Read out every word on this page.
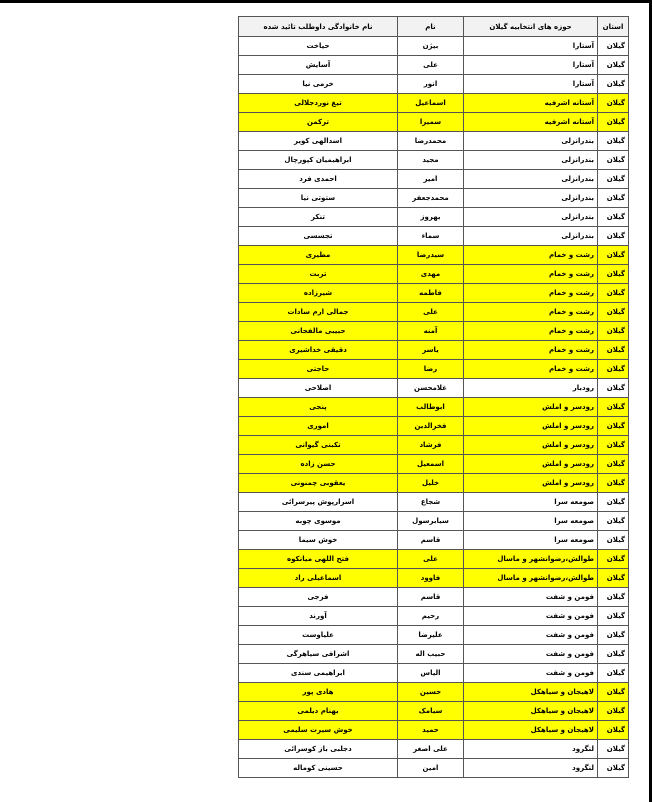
استان	حوزه های انتخابیه گیلان	نام	نام خانوادگی داوطلب تائید شده
گیلان	آستارا	بیژن	حیاخت
گیلان	آستارا	علی	آسایش
گیلان	آستارا	انور	خرمی نیا
گیلان	آستانه اشرفیه	اسماعیل	تیغ نوردجلالی
گیلان	آستانه اشرفیه	سمیرا	ترکمن
گیلان	بندرانزلی	محمدرضا	اسدالهی کویر
گیلان	بندرانزلی	مجید	ابراهیمیان کپورچال
گیلان	بندرانزلی	امیر	احمدی فرد
گیلان	بندرانزلی	محمدجعفر	ستوتی نیا
گیلان	بندرانزلی	بهروز	تنکر
گیلان	بندرانزلی	سماء	تجسسی
گیلان	رشت و خمام	سیدرضا	مطیری
گیلان	رشت و خمام	مهدی	تربت
گیلان	رشت و خمام	فاطمه	شیرزاده
گیلان	رشت و خمام	علی	جمالی ارم سادات
گیلان	رشت و خمام	آمنه	حبیبی مالفجانی
گیلان	رشت و خمام	یاسر	دقیقی خداشیری
گیلان	رشت و خمام	رضا	حاجتی
گیلان	رودبار	غلامحسن	اصلاحی
گیلان	رودسر و املش	ابوطالب	پنجی
گیلان	رودسر و املش	فخرالدین	اموری
گیلان	رودسر و املش	فرشاد	تکبنی گیوانی
گیلان	رودسر و املش	اسمعیل	حسن زاده
گیلان	رودسر و املش	خلیل	یعقوبی چمنونی
گیلان	صومعه سرا	شجاع	اسرارپوش پیرسرائی
گیلان	صومعه سرا	سیابرسول	موسوی چوبه
گیلان	صومعه سرا	قاسم	خوش سیما
گیلان	طوالش،رضوانشهر و ماسال	علی	فتح اللهی میانکوه
گیلان	طوالش،رضوانشهر و ماسال	فاوود	اسماعیلی راد
گیلان	فومن و شفت	قاسم	فرجی
گیلان	فومن و شفت	رحیم	آورند
گیلان	فومن و شفت	علیرضا	علیاوست
گیلان	فومن و شفت	حبیب اله	اشرافی سیاهرگی
گیلان	فومن و شفت	الیاس	ابراهیمی سندی
گیلان	لاهیجان و سیاهکل	حسین	هادی پور
گیلان	لاهیجان و سیاهکل	سیامک	بهنام دیلمی
گیلان	لاهیجان و سیاهکل	حمید	خوش سیرت سلیمی
گیلان	لنگرود	علی اصغر	دجلبی باز کوسرائی
گیلان	لنگرود	امین	حسینی کوماله
